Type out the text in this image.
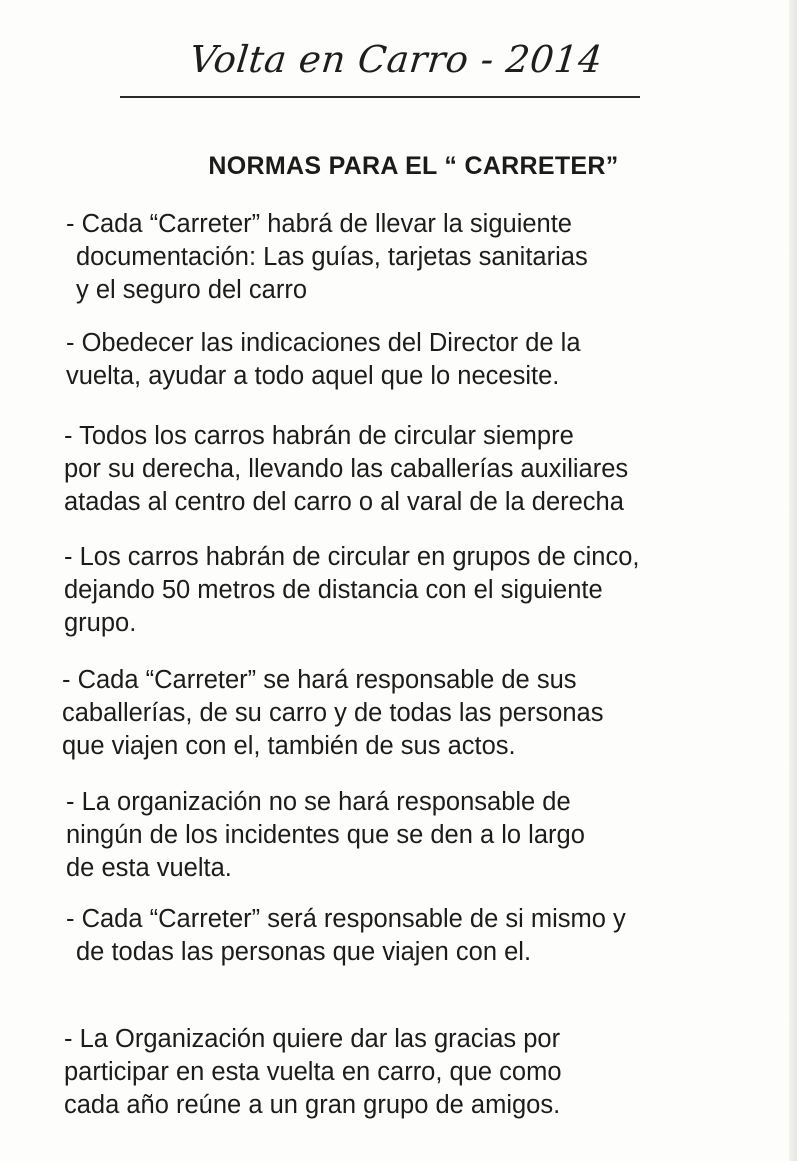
Volta en Carro - 2014
NORMAS PARA EL “ CARRETER”
- Cada “Carreter” habrá de llevar la siguiente
documentación: Las guías, tarjetas sanitarias
y el seguro del carro
- Obedecer las indicaciones del Director de la
vuelta, ayudar a todo aquel que lo necesite.
- Todos los carros habrán de circular siempre
por su derecha, llevando las caballerías auxiliares
atadas al centro del carro o al varal de la derecha
- Los carros habrán de circular en grupos de cinco,
dejando 50 metros de distancia con el siguiente
grupo.
- Cada “Carreter” se hará responsable de sus
caballerías, de su carro y de todas las personas
que viajen con el, también de sus actos.
- La organización no se hará responsable de
ningún de los incidentes que se den a lo largo
de esta vuelta.
- Cada “Carreter” será responsable de si mismo y
de todas las personas que viajen con el.
- La Organización quiere dar las gracias por
participar en esta vuelta en carro, que como
cada año reúne a un gran grupo de amigos.
